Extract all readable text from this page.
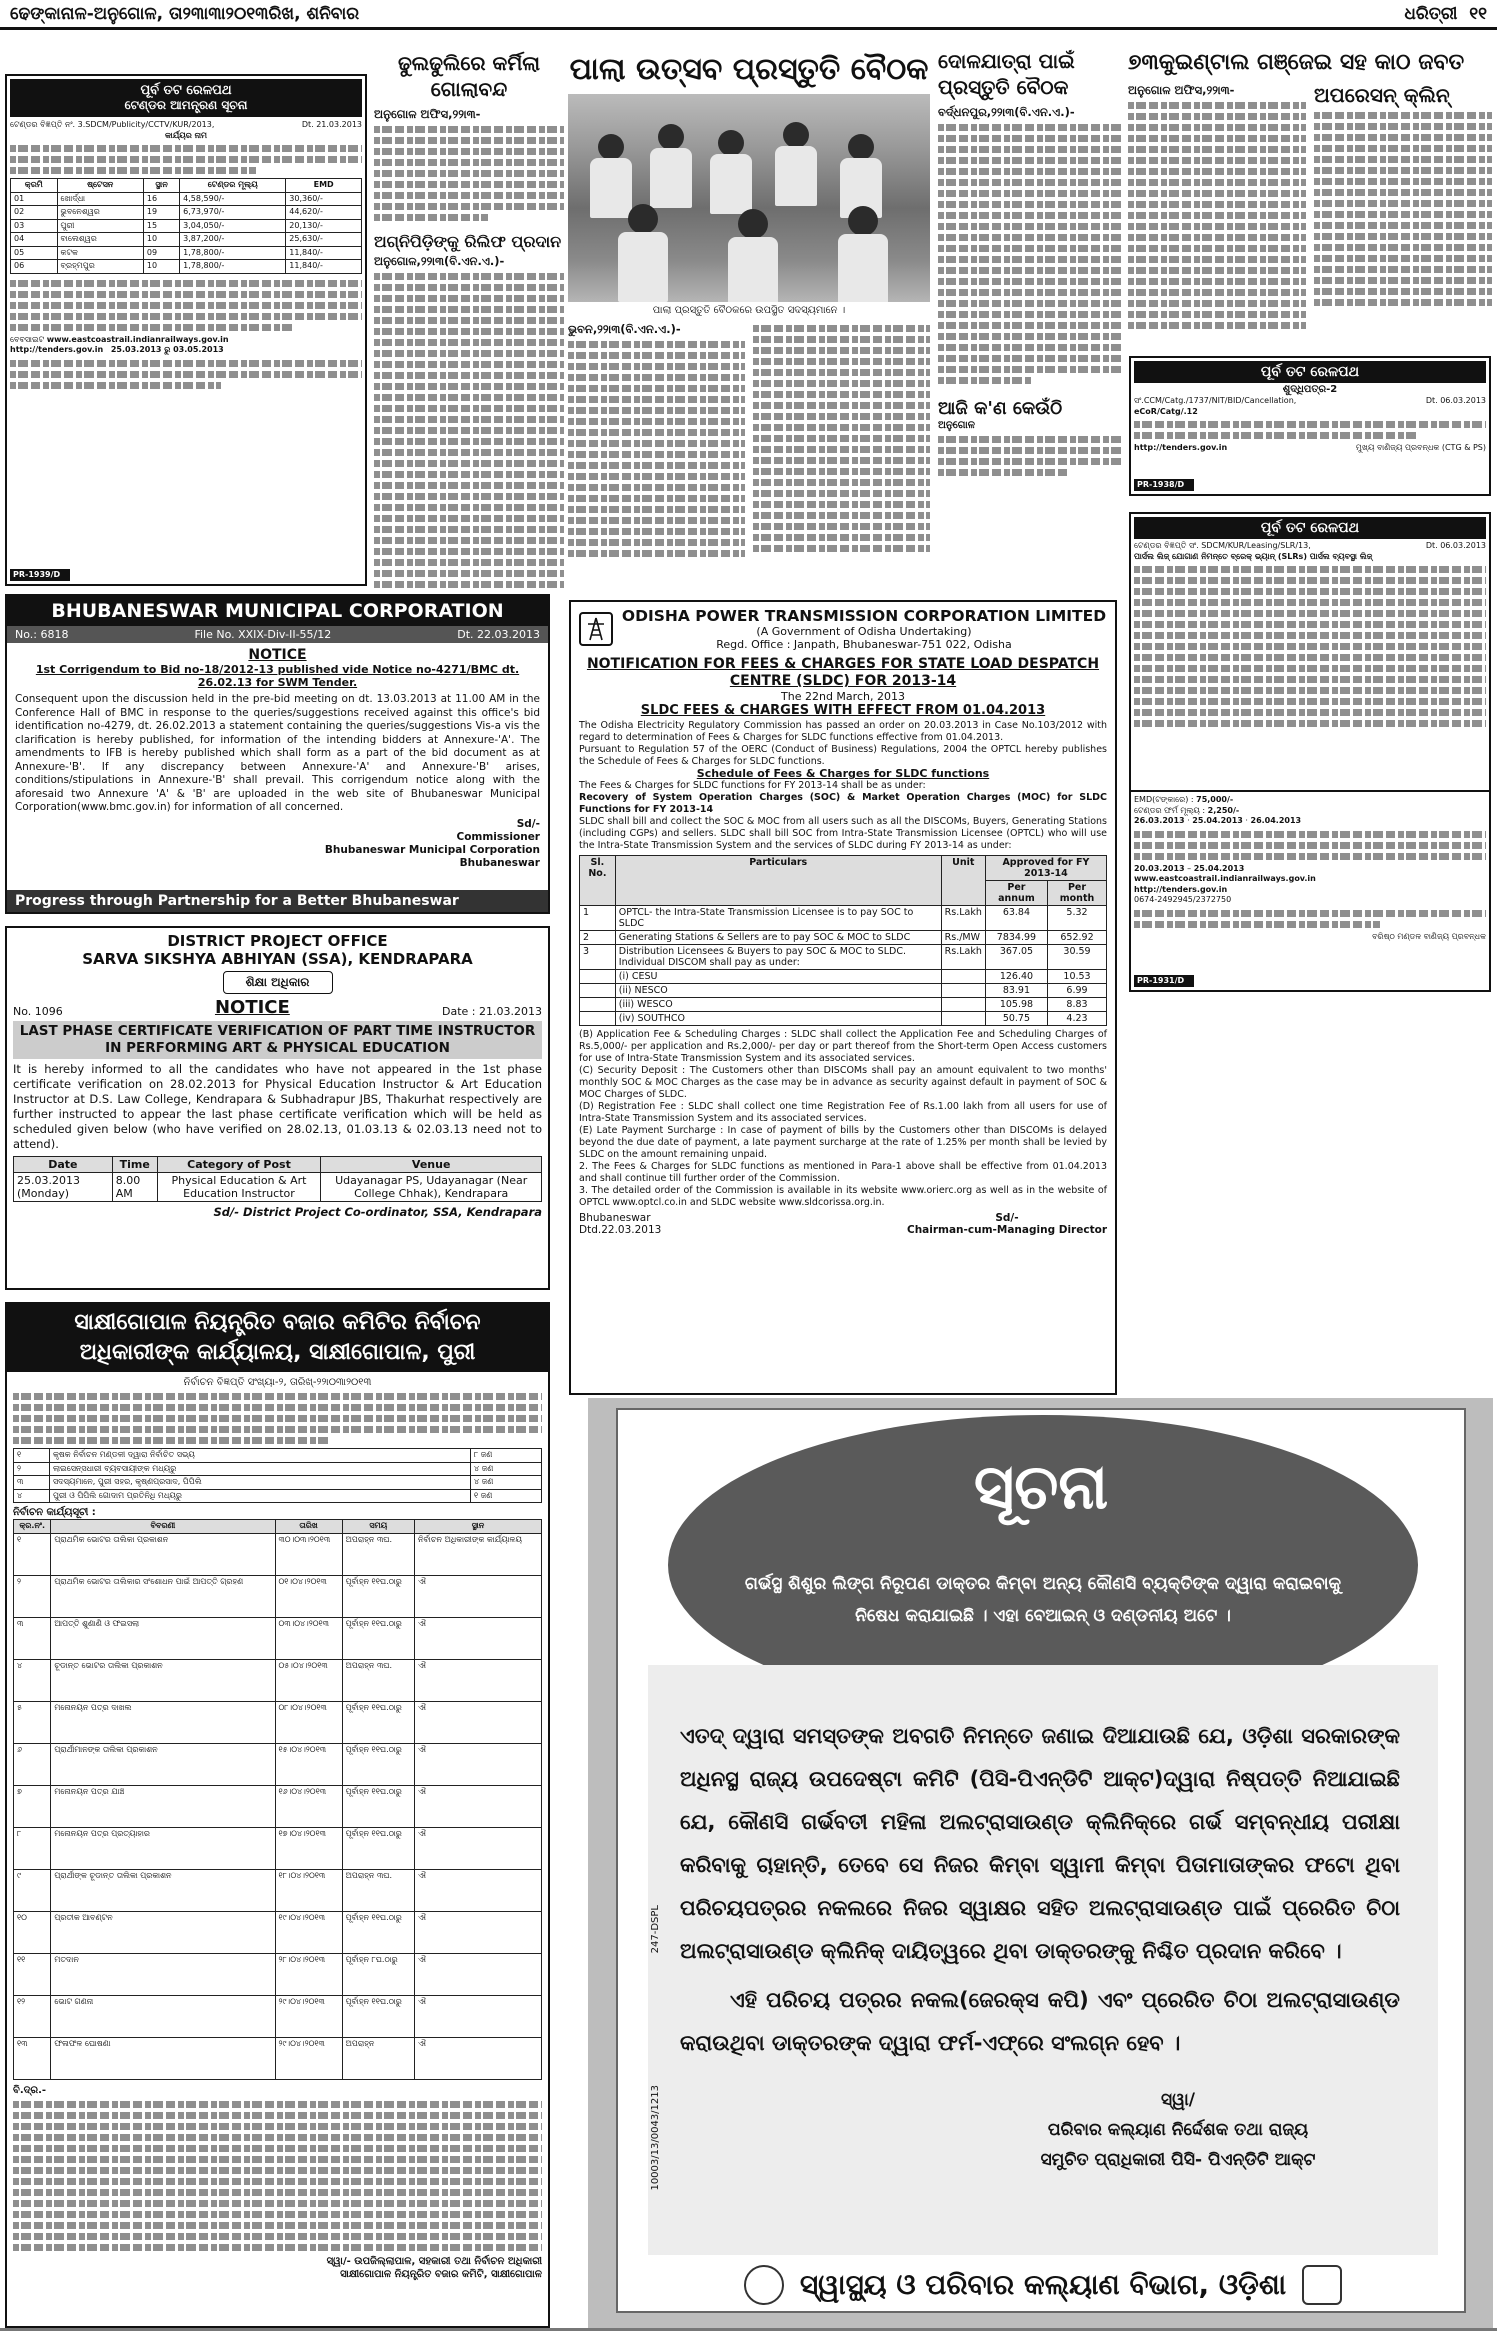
ଢେଙ୍କାନାଳ-ଅନୁଗୋଳ, ତା୨୩ା୩ା୨୦୧୩ରିଖ, ଶନିବାର	ଧରିତ୍ରୀ ୧୧
ପୂର୍ବ ତଟ ରେଳପଥ
ଟେଣ୍ଡର ଆମନ୍ତ୍ରଣ ସୂଚନା
ଟେଣ୍ଡର ବିଜ୍ଞପ୍ତି ନଂ. 3.SDCM/Publicity/CCTV/KUR/2013,	Dt. 21.03.2013
କାର୍ଯ୍ୟର ନାମ
କ୍ରମି	ଷ୍ଟେସନ	ସ୍ଥାନ	ଟେଣ୍ଡର ମୂଲ୍ୟ	EMD
01	ଖୋର୍ଦ୍ଧା	16	4,58,590/-	30,360/-
02	ଭୁବନେଶ୍ୱର	19	6,73,970/-	44,620/-
03	ପୁରୀ	15	3,04,050/-	20,130/-
04	ବାଲେଶ୍ୱର	10	3,87,200/-	25,630/-
05	କଟକ	09	1,78,800/-	11,840/-
06	ବ୍ରହ୍ମପୁର	10	1,78,800/-	11,840/-
ବେବସାଇଟ www.eastcoastrail.indianrailways.gov.in
http://tenders.gov.in 25.03.2013 ରୁ 03.05.2013
PR-1939/D
ଢୁଲଢୁଲିରେ କର୍ମିଲା ଗୋଲାବନ୍ଦ
ଅନୁଗୋଳ ଅଫିସ,୨୨ା୩-
ଅଗ୍ନିପିଡ଼ିଙ୍କୁ ରିଲିଫ ପ୍ରଦାନ
ଅନୁଗୋଳ,୨୨ା୩(ବି.ଏନ.ଏ.)-
ପାଲା ଉତ୍ସବ ପ୍ରସ୍ତୁତି ବୈଠକ
ପାଲା ପ୍ରସ୍ତୁତି ବୈଠକରେ ଉପସ୍ଥିତ ସଦସ୍ୟମାନେ ।
ଭୁବନ,୨୨ା୩(ବି.ଏନ.ଏ.)-
ଦୋଳଯାତ୍ରା ପାଇଁ ପ୍ରସ୍ତୁତି ବୈଠକ
ବର୍ଦ୍ଧନପୁର,୨୨ା୩(ବି.ଏନ.ଏ.)-
ଆଜି କ'ଣ କେଉଁଠି
ଅନୁଗୋଳ
୭୩କୁଇଣ୍ଟାଲ ଗଞ୍ଜେଇ ସହ କାଠ ଜବତ
ଅନୁଗୋଳ ଅଫିସ,୨୨ା୩-	ଅପରେସନ୍ କ୍ଲିନ୍
ପୂର୍ବ ତଟ ରେଳପଥ
ଶୁଦ୍ଧିପତ୍ର-2
ସଂ.CCM/Catg./1737/NIT/BID/Cancellation,	Dt. 06.03.2013
eCoR/Catg/.12
http://tenders.gov.in	ମୁଖ୍ୟ ବାଣିଜ୍ୟ ପ୍ରବନ୍ଧକ (CTG & PS)
PR-1938/D
ପୂର୍ବ ତଟ ରେଳପଥ
ଟେଣ୍ଡର ବିଜ୍ଞପ୍ତି ସଂ. SDCM/KUR/Leasing/SLR/13,	Dt. 06.03.2013
ପାର୍ସଲ ଲିଜ୍ ଯୋଗାଣ ନିମନ୍ତେ ବ୍ରେକ୍ ଭ୍ୟାନ୍ (SLRs) ପାର୍ସଲ ବ୍ୟବସ୍ଥା ଲିଜ୍
EMD(ଟଙ୍କାରେ) : 75,000/-
ଟେଣ୍ଡର ଫର୍ମ ମୂଲ୍ୟ : 2,250/-
26.03.2013 · 25.04.2013 · 26.04.2013
20.03.2013 – 25.04.2013
www.eastcoastrail.indianrailways.gov.in
http://tenders.gov.in
0674-2492945/2372750
ବରିଷ୍ଠ ମଣ୍ଡଳ ବାଣିଜ୍ୟ ପ୍ରବନ୍ଧକ
PR-1931/D
BHUBANESWAR MUNICIPAL CORPORATION
No.: 6818	File No. XXIX-Div-II-55/12	Dt. 22.03.2013
NOTICE
1st Corrigendum to Bid no-18/2012-13 published vide Notice no-4271/BMC dt. 26.02.13 for SWM Tender.
Consequent upon the discussion held in the pre-bid meeting on dt. 13.03.2013 at 11.00 AM in the Conference Hall of BMC in response to the queries/suggestions received against this office's bid identification no-4279, dt. 26.02.2013 a statement containing the queries/suggestions Vis-a vis the clarification is hereby published, for information of the intending bidders at Annexure-'A'. The amendments to IFB is hereby published which shall form as a part of the bid document as at Annexure-'B'. If any discrepancy between Annexure-'A' and Annexure-'B' arises, conditions/stipulations in Annexure-'B' shall prevail. This corrigendum notice along with the aforesaid two Annexure 'A' & 'B' are uploaded in the web site of Bhubaneswar Municipal Corporation(www.bmc.gov.in) for information of all concerned.
Sd/-
Commissioner
Bhubaneswar Municipal Corporation
Bhubaneswar
Progress through Partnership for a Better Bhubaneswar
DISTRICT PROJECT OFFICE
SARVA SIKSHYA ABHIYAN (SSA), KENDRAPARA
ଶିକ୍ଷା ଅଧିକାର
No. 1096	NOTICE	Date : 21.03.2013
LAST PHASE CERTIFICATE VERIFICATION OF PART TIME INSTRUCTOR IN PERFORMING ART & PHYSICAL EDUCATION
It is hereby informed to all the candidates who have not appeared in the 1st phase certificate verification on 28.02.2013 for Physical Education Instructor & Art Education Instructor at D.S. Law College, Kendrapara & Subhadrapur JBS, Thakurhat respectively are further instructed to appear the last phase certificate verification which will be held as scheduled given below (who have verified on 28.02.13, 01.03.13 & 02.03.13 need not to attend).
Date	Time	Category of Post	Venue
25.03.2013 (Monday)	8.00 AM	Physical Education & Art Education Instructor	Udayanagar PS, Udayanagar (Near College Chhak), Kendrapara
Sd/- District Project Co-ordinator, SSA, Kendrapara
ସାକ୍ଷୀଗୋପାଳ ନିୟନ୍ତ୍ରିତ ବଜାର କମିଟିର ନିର୍ବାଚନ
ଅଧିକାରୀଙ୍କ କାର୍ଯ୍ୟାଳୟ, ସାକ୍ଷୀଗୋପାଳ, ପୁରୀ
ନିର୍ବାଚନ ବିଜ୍ଞପ୍ତି ସଂଖ୍ୟା-୨, ତାରିଖ୍‌-୨୨ା୦୩ା୨୦୧୩
୧	କୃଷକ ନିର୍ବାଚନ ମଣ୍ଡଳୀ ଦ୍ୱାରା ନିର୍ବାଚିତ ସଭ୍ୟ	୮ ଜଣ
୨	ଲାଇସେନ୍ସଧାରୀ ବ୍ୟବସାୟୀଙ୍କ ମଧ୍ୟରୁ	୪ ଜଣ
୩	ସଦସ୍ୟମାନେ, ପୁରୀ ସହର, କୃଷ୍ଣପ୍ରସାଦ, ପିପିଲି	୪ ଜଣ
୪	ପୁରୀ ଓ ପିପିଲି ଗୋଦାମ ପ୍ରତିନିଧି ମଧ୍ୟରୁ	୧ ଜଣ
ନିର୍ବାଚନ କାର୍ଯ୍ୟସୂଚୀ :
କ୍ର.ନଂ.	ବିବରଣୀ	ତାରିଖ	ସମୟ	ସ୍ଥାନ
୧	ପ୍ରାଥମିକ ଭୋଟର ତାଲିକା ପ୍ରକାଶନ	୩୦।୦୩।୨୦୧୩	ଅପରାହ୍ନ ୩ଘ.	ନିର୍ବାଚନ ଅଧିକାରୀଙ୍କ କାର୍ଯ୍ୟାଳୟ
୨	ପ୍ରାଥମିକ ଭୋଟର ତାଲିକାର ସଂଶୋଧନ ପାଇଁ ଆପତ୍ତି ଗ୍ରହଣ	୦୧।୦୪।୨୦୧୩	ପୂର୍ବାହ୍ନ ୧୧ଘ.ଠାରୁ	ଐ
୩	ଆପତ୍ତି ଶୁଣାଣି ଓ ଫଇସଲା	୦୩।୦୪।୨୦୧୩	ପୂର୍ବାହ୍ନ ୧୧ଘ.ଠାରୁ	ଐ
୪	ଚୂଡାନ୍ତ ଭୋଟର ତାଲିକା ପ୍ରକାଶନ	୦୫।୦୪।୨୦୧୩	ଅପରାହ୍ନ ୩ଘ.	ଐ
୫	ମନୋନୟନ ପତ୍ର ଦାଖଲ	୦୮।୦୪।୨୦୧୩	ପୂର୍ବାହ୍ନ ୧୧ଘ.ଠାରୁ	ଐ
୬	ପ୍ରାର୍ଥୀମାନଙ୍କ ତାଲିକା ପ୍ରକାଶନ	୧୫।୦୪।୨୦୧୩	ପୂର୍ବାହ୍ନ ୧୧ଘ.ଠାରୁ	ଐ
୭	ମନୋନୟନ ପତ୍ର ଯାଞ୍ଚ	୧୬।୦୪।୨୦୧୩	ପୂର୍ବାହ୍ନ ୧୧ଘ.ଠାରୁ	ଐ
୮	ମନୋନୟନ ପତ୍ର ପ୍ରତ୍ୟାହାର	୧୭।୦୪।୨୦୧୩	ପୂର୍ବାହ୍ନ ୧୧ଘ.ଠାରୁ	ଐ
୯	ପ୍ରାର୍ଥୀଙ୍କ ଚୂଡାନ୍ତ ତାଲିକା ପ୍ରକାଶନ	୧୮।୦୪।୨୦୧୩	ଅପରାହ୍ନ ୩ଘ.	ଐ
୧୦	ପ୍ରତୀକ ଆବଣ୍ଟନ	୧୯।୦୪।୨୦୧୩	ପୂର୍ବାହ୍ନ ୧୧ଘ.ଠାରୁ	ଐ
୧୧	ମତଦାନ	୨୮।୦୪।୨୦୧୩	ପୂର୍ବାହ୍ନ ୮ଘ.ଠାରୁ	ଐ
୧୨	ଭୋଟ ଗଣନା	୨୯।୦୪।୨୦୧୩	ପୂର୍ବାହ୍ନ ୧୧ଘ.ଠାରୁ	ଐ
୧୩	ଫଳାଫଳ ଘୋଷଣା	୨୯।୦୪।୨୦୧୩	ଅପରାହ୍ନ	ଐ
ବି.ଦ୍ର.-
ସ୍ୱା/- ଉପଜିଲ୍ଲାପାଳ, ସହକାରୀ ତଥା ନିର୍ବାଚନ ଅଧିକାରୀ
ସାକ୍ଷୀଗୋପାଳ ନିୟନ୍ତ୍ରିତ ବଜାର କମିଟି, ସାକ୍ଷୀଗୋପାଳ
ODISHA POWER TRANSMISSION CORPORATION LIMITED
(A Government of Odisha Undertaking)
Regd. Office : Janpath, Bhubaneswar-751 022, Odisha
NOTIFICATION FOR FEES & CHARGES FOR STATE LOAD DESPATCH CENTRE (SLDC) FOR 2013-14
The 22nd March, 2013
SLDC FEES & CHARGES WITH EFFECT FROM 01.04.2013
The Odisha Electricity Regulatory Commission has passed an order on 20.03.2013 in Case No.103/2012 with regard to determination of Fees & Charges for SLDC functions effective from 01.04.2013.
Pursuant to Regulation 57 of the OERC (Conduct of Business) Regulations, 2004 the OPTCL hereby publishes the Schedule of Fees & Charges for SLDC functions.
Schedule of Fees & Charges for SLDC functions
The Fees & Charges for SLDC functions for FY 2013-14 shall be as under:
Recovery of System Operation Charges (SOC) & Market Operation Charges (MOC) for SLDC Functions for FY 2013-14
SLDC shall bill and collect the SOC & MOC from all users such as all the DISCOMs, Buyers, Generating Stations (including CGPs) and sellers. SLDC shall bill SOC from Intra-State Transmission Licensee (OPTCL) who will use the Intra-State Transmission System and the services of SLDC during FY 2013-14 as under:
Sl. No.	Particulars	Unit	Approved for FY 2013-14	
			Per annum	Per month
1	OPTCL- the Intra-State Transmission Licensee is to pay SOC to SLDC	Rs.Lakh	63.84	5.32
2	Generating Stations & Sellers are to pay SOC & MOC to SLDC	Rs./MW	7834.99	652.92
3	Distribution Licensees & Buyers to pay SOC & MOC to SLDC. Individual DISCOM shall pay as under:	Rs.Lakh	367.05	30.59
	(i) CESU		126.40	10.53
	(ii) NESCO		83.91	6.99
	(iii) WESCO		105.98	8.83
	(iv) SOUTHCO		50.75	4.23
(B) Application Fee & Scheduling Charges : SLDC shall collect the Application Fee and Scheduling Charges of Rs.5,000/- per application and Rs.2,000/- per day or part thereof from the Short-term Open Access customers for use of Intra-State Transmission System and its associated services.
(C) Security Deposit : The Customers other than DISCOMs shall pay an amount equivalent to two months' monthly SOC & MOC Charges as the case may be in advance as security against default in payment of SOC & MOC Charges of SLDC.
(D) Registration Fee : SLDC shall collect one time Registration Fee of Rs.1.00 lakh from all users for use of Intra-State Transmission System and its associated services.
(E) Late Payment Surcharge : In case of payment of bills by the Customers other than DISCOMs is delayed beyond the due date of payment, a late payment surcharge at the rate of 1.25% per month shall be levied by SLDC on the amount remaining unpaid.
2. The Fees & Charges for SLDC functions as mentioned in Para-1 above shall be effective from 01.04.2013 and shall continue till further order of the Commission.
3. The detailed order of the Commission is available in its website www.orierc.org as well as in the website of OPTCL www.optcl.co.in and SLDC website www.sldcorissa.org.in.
Bhubaneswar
Dtd.22.03.2013
Sd/-
Chairman-cum-Managing Director
ସୂଚନା
ଗର୍ଭସ୍ଥ ଶିଶୁର ଲିଙ୍ଗ ନିରୂପଣ ଡାକ୍ତର କିମ୍ବା ଅନ୍ୟ କୌଣସି ବ୍ୟକ୍ତିଙ୍କ ଦ୍ୱାରା କରାଇବାକୁ ନିଷେଧ କରାଯାଇଛି । ଏହା ବେଆଇନ୍ ଓ ଦଣ୍ଡନୀୟ ଅଟେ ।
247-DSPL
10003/13/0043/1213
ଏତଦ୍ ଦ୍ୱାରା ସମସ୍ତଙ୍କ ଅବଗତି ନିମନ୍ତେ ଜଣାଇ ଦିଆଯାଉଛି ଯେ, ଓଡ଼ିଶା ସରକାରଙ୍କ ଅଧିନସ୍ଥ ରାଜ୍ୟ ଉପଦେଷ୍ଟା କମିଟି (ପିସି-ପିଏନ୍‌ଡିଟି ଆକ୍ଟ)ଦ୍ୱାରା ନିଷ୍ପତ୍ତି ନିଆଯାଇଛି ଯେ, କୌଣସି ଗର୍ଭବତୀ ମହିଳା ଅଲଟ୍ରାସାଉଣ୍ଡ କ୍ଲିନିକ୍‌ରେ ଗର୍ଭ ସମ୍ବନ୍ଧୀୟ ପରୀକ୍ଷା କରିବାକୁ ଚାହାନ୍ତି, ତେବେ ସେ ନିଜର କିମ୍ବା ସ୍ୱାମୀ କିମ୍ବା ପିତାମାତାଙ୍କର ଫଟୋ ଥିବା ପରିଚୟପତ୍ରର ନକଲରେ ନିଜର ସ୍ୱାକ୍ଷର ସହିତ ଅଲଟ୍ରାସାଉଣ୍ଡ ପାଇଁ ପ୍ରେରିତ ଚିଠା ଅଲଟ୍ରାସାଉଣ୍ଡ କ୍ଲିନିକ୍ ଦାୟିତ୍ୱରେ ଥିବା ଡାକ୍ତରଙ୍କୁ ନିଶ୍ଚିତ ପ୍ରଦାନ କରିବେ ।
ଏହି ପରିଚୟ ପତ୍ରର ନକଲ(ଜେରକ୍ସ କପି) ଏବଂ ପ୍ରେରିତ ଚିଠା ଅଲଟ୍ରାସାଉଣ୍ଡ କରାଉଥିବା ଡାକ୍ତରଙ୍କ ଦ୍ୱାରା ଫର୍ମ-ଏଫ୍‌ରେ ସଂଲଗ୍ନ ହେବ ।
ସ୍ୱା/
ପରିବାର କଲ୍ୟାଣ ନିର୍ଦ୍ଦେଶକ ତଥା ରାଜ୍ୟ
ସମୁଚିତ ପ୍ରାଧିକାରୀ ପିସି- ପିଏନ୍‌ଡିଟି ଆକ୍ଟ
ସ୍ୱାସ୍ଥ୍ୟ ଓ ପରିବାର କଲ୍ୟାଣ ବିଭାଗ, ଓଡ଼ିଶା
